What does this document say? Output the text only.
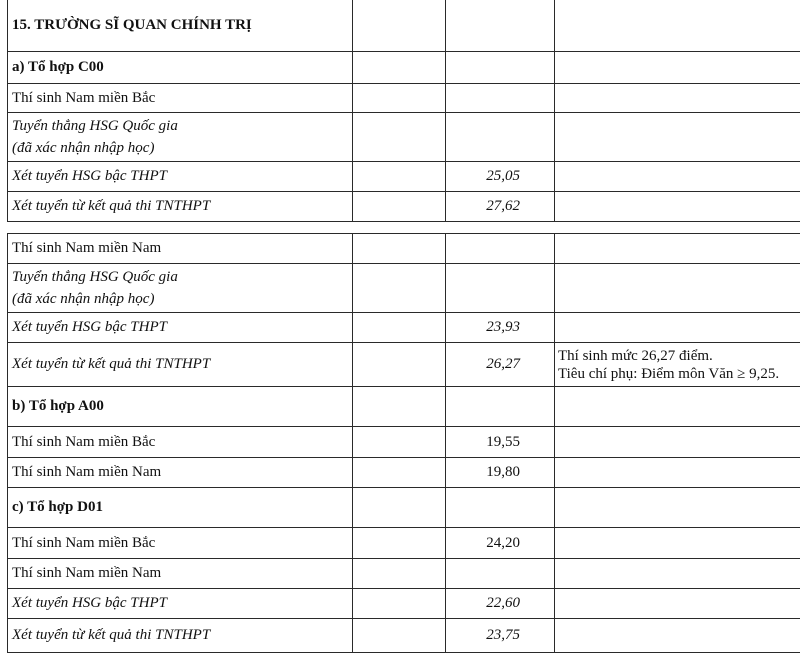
15. TRƯỜNG SĨ QUAN CHÍNH TRỊ			
a) Tổ hợp C00			
Thí sinh Nam miền Bắc			

Tuyển thẳng HSG Quốc gia
(đã xác nhận nhập học)			

Xét tuyển HSG bậc THPT		25,05	
Xét tuyển từ kết quả thi TNTHPT		27,62	
Thí sinh Nam miền Nam			

Tuyển thẳng HSG Quốc gia
(đã xác nhận nhập học)			

Xét tuyển HSG bậc THPT		23,93	
Xét tuyển từ kết quả thi TNTHPT		26,27	Thí sinh mức 26,27 điểm.
Tiêu chí phụ: Điểm môn Văn ≥ 9,25.

b) Tổ hợp A00			
Thí sinh Nam miền Bắc		19,55	
Thí sinh Nam miền Nam		19,80	
c) Tổ hợp D01			
Thí sinh Nam miền Bắc		24,20	
Thí sinh Nam miền Nam			
Xét tuyển HSG bậc THPT		22,60	
Xét tuyển từ kết quả thi TNTHPT		23,75	
